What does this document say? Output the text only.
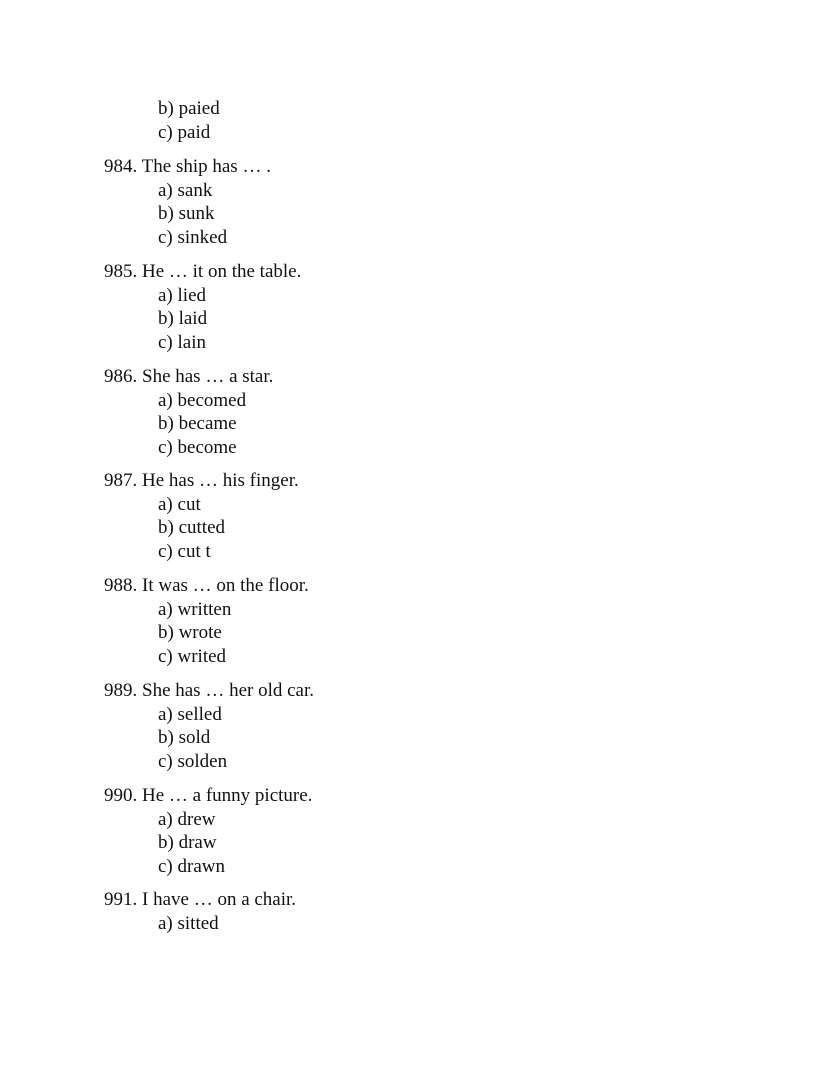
b) paied
c) paid
984. The ship has … .
a) sank
b) sunk
c) sinked
985. He … it on the table.
a) lied
b) laid
c) lain
986. She has … a star.
a) becomed
b) became
c) become
987. He has … his finger.
a) cut
b) cutted
c) cut t
988. It was … on the floor.
a) written
b) wrote
c) writed
989. She has … her old car.
a) selled
b) sold
c) solden
990. He … a funny picture.
a) drew
b) draw
c) drawn
991. I have … on a chair.
a) sitted
